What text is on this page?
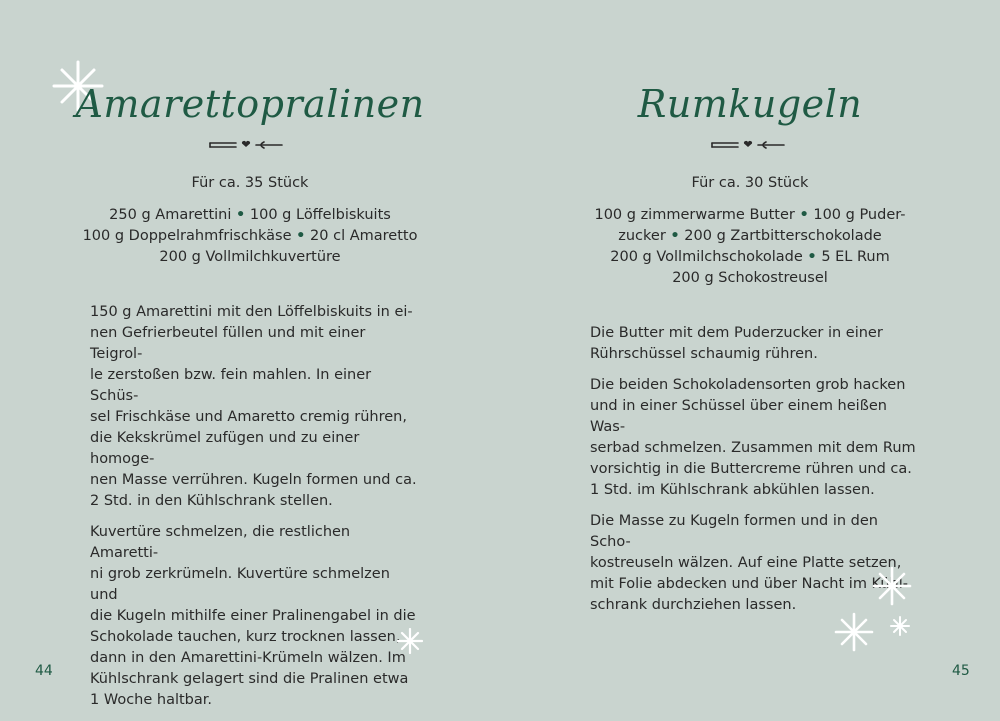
Amarettopralinen
Für ca. 35 Stück
250 g Amarettini • 100 g Löffelbiskuits
100 g Doppelrahmfrischkäse • 20 cl Amaretto
200 g Vollmilchkuvertüre

150 g Amarettini mit den Löffelbiskuits in ei-
nen Gefrierbeutel füllen und mit einer Teigrol-
le zerstoßen bzw. fein mahlen. In einer Schüs-
sel Frischkäse und Amaretto cremig rühren,
die Kekskrümel zufügen und zu einer homoge-
nen Masse verrühren. Kugeln formen und ca.
2 Std. in den Kühlschrank stellen.

Kuvertüre schmelzen, die restlichen Amaretti-
ni grob zerkrümeln. Kuvertüre schmelzen und
die Kugeln mithilfe einer Pralinengabel in die
Schokolade tauchen, kurz trocknen lassen,
dann in den Amarettini-Krümeln wälzen. Im
Kühlschrank gelagert sind die Pralinen etwa
1 Woche haltbar.

44
Rumkugeln
Für ca. 30 Stück
100 g zimmerwarme Butter • 100 g Puder-
zucker • 200 g Zartbitterschokolade
200 g Vollmilchschokolade • 5 EL Rum
200 g Schokostreusel

Die Butter mit dem Puderzucker in einer
Rührschüssel schaumig rühren.

Die beiden Schokoladensorten grob hacken
und in einer Schüssel über einem heißen Was-
serbad schmelzen. Zusammen mit dem Rum
vorsichtig in die Buttercreme rühren und ca.
1 Std. im Kühlschrank abkühlen lassen.

Die Masse zu Kugeln formen und in den Scho-
kostreuseln wälzen. Auf eine Platte setzen,
mit Folie abdecken und über Nacht im
schrank durchziehen lassen.

45
